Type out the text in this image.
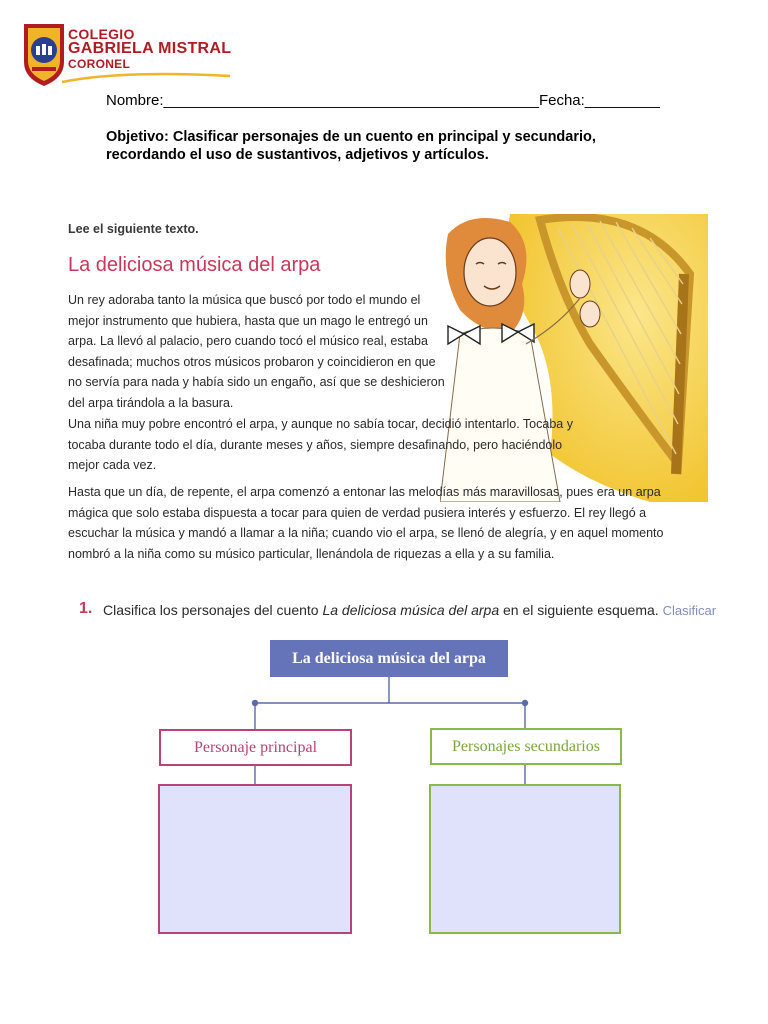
COLEGIO
GABRIELA MISTRAL
CORONEL
Nombre:_____________________________________________Fecha:_________
Objetivo: Clasificar personajes de un cuento en principal y secundario, recordando el uso de sustantivos, adjetivos y artículos.
Lee el siguiente texto.
La deliciosa música del arpa
Un rey adoraba tanto la música que buscó por todo el mundo el mejor instrumento que hubiera, hasta que un mago le entregó un arpa. La llevó al palacio, pero cuando tocó el músico real, estaba desafinada; muchos otros músicos probaron y coincidieron en que no servía para nada y había sido un engaño, así que se deshicieron del arpa tirándola a la basura.
Una niña muy pobre encontró el arpa, y aunque no sabía tocar, decidió intentarlo. Tocaba y tocaba durante todo el día, durante meses y años, siempre desafinando, pero haciéndolo mejor cada vez.
Hasta que un día, de repente, el arpa comenzó a entonar las melodías más maravillosas, pues era un arpa mágica que solo estaba dispuesta a tocar para quien de verdad pusiera interés y esfuerzo. El rey llegó a escuchar la música y mandó a llamar a la niña; cuando vio el arpa, se llenó de alegría, y en aquel momento nombró a la niña como su músico particular, llenándola de riquezas a ella y a su familia.
1. Clasifica los personajes del cuento La deliciosa música del arpa en el siguiente esquema. Clasificar
La deliciosa música del arpa
Personaje principal	Personajes secundarios
